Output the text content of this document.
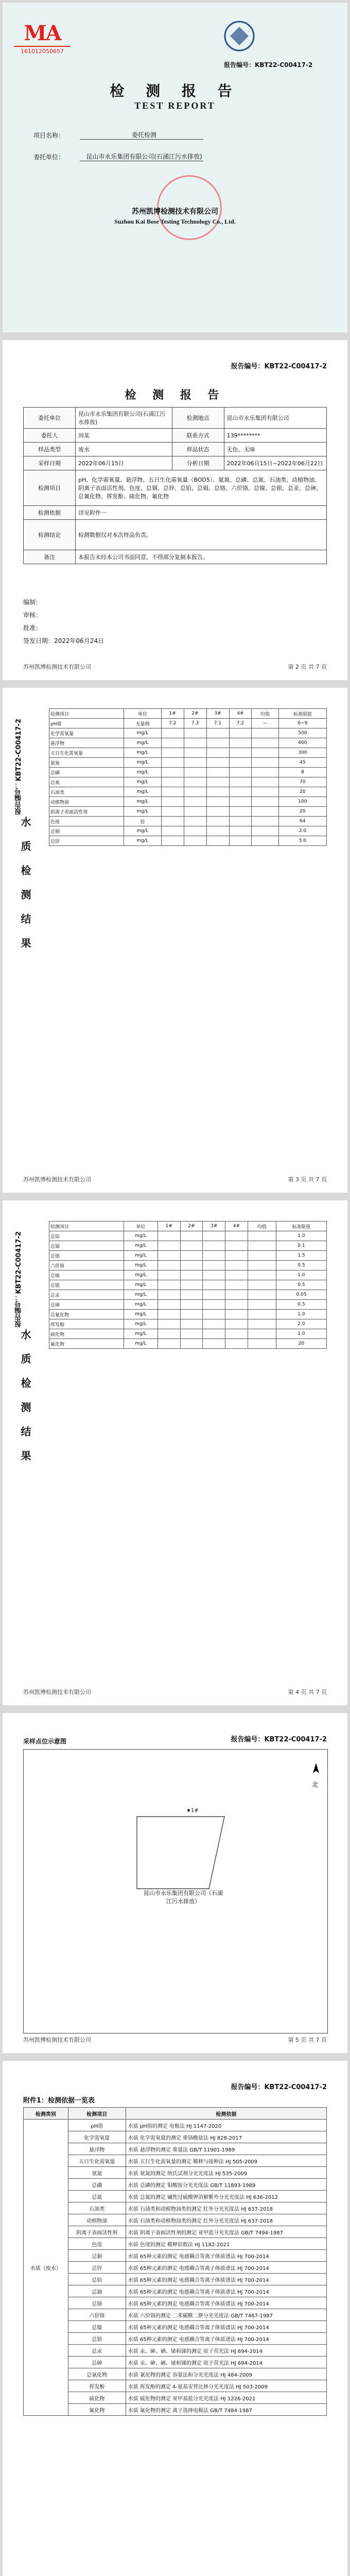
MA
161012050657
报告编号：KBT22-C00417-2
检 测 报 告
TEST REPORT
项目名称：	委托检测
委托单位：	昆山市永乐集团有限公司(石浦江污水排放)
苏州凯博检测技术有限公司
Suzhou Kai Bose Testing Technology Co., Ltd.
报告编号：KBT22-C00417-2
检 测 报 告
委托单位	昆山市永乐集团有限公司(石浦江污水排放)	检测地点	昆山市永乐集团有限公司
委托人	周某	联系方式	139********
样品类型	废水	样品状态	无色、无味
采样日期	2022年06月15日	分析日期	2022年06月15日~2022年06月22日
检测项目	pH、化学需氧量、悬浮物、五日生化需氧量（BOD5）、氨氮、总磷、总氮、石油类、动植物油、阴离子表面活性剂、色度、总铜、总锌、总铅、总镉、总铬、六价铬、总镍、总银、总汞、总砷、总氰化物、挥发酚、硫化物、氟化物		
检测依据	详见附件一		
检测结论	检测数据仅对本次样品负责。		
备注	本报告未经本公司书面同意，不得部分复制本报告。		
编制：
审核：
批准：
签发日期：2022年06月24日
苏州凯博检测技术有限公司	第 2 页 共 7 页
报告编号：KBT22-C00417-2
水 质 检 测 结 果
检测项目	单位	1#	2#	3#	4#	均值	标准限值
pH值	无量纲	7.2	7.3	7.1	7.2	—	6~9
化学需氧量	mg/L						500
悬浮物	mg/L						400
五日生化需氧量	mg/L						300
氨氮	mg/L						45
总磷	mg/L						8
总氮	mg/L						70
石油类	mg/L						20
动植物油	mg/L						100
阴离子表面活性剂	mg/L						20
色度	倍						64
总铜	mg/L						2.0
总锌	mg/L						5.0
苏州凯博检测技术有限公司	第 3 页 共 7 页
报告编号：KBT22-C00417-2
水 质 检 测 结 果
检测项目	单位	1#	2#	3#	4#	均值	标准限值
总铅	mg/L						1.0
总镉	mg/L						0.1
总铬	mg/L						1.5
六价铬	mg/L						0.5
总镍	mg/L						1.0
总银	mg/L						0.5
总汞	mg/L						0.05
总砷	mg/L						0.5
总氰化物	mg/L						1.0
挥发酚	mg/L						2.0
硫化物	mg/L						1.0
氟化物	mg/L						20
苏州凯博检测技术有限公司	第 4 页 共 7 页
报告编号：KBT22-C00417-2
采样点位示意图
北
★1#
昆山市永乐集团有限公司（石浦江污水排放）
苏州凯博检测技术有限公司	第 5 页 共 7 页
报告编号：KBT22-C00417-2
附件1：检测依据一览表
检测类别	检测项目	检测依据
水质（废水）	pH值	水质 pH值的测定 电极法 HJ 1147-2020
	化学需氧量	水质 化学需氧量的测定 重铬酸盐法 HJ 828-2017
	悬浮物	水质 悬浮物的测定 重量法 GB/T 11901-1989
	五日生化需氧量	水质 五日生化需氧量的测定 稀释与接种法 HJ 505-2009
	氨氮	水质 氨氮的测定 纳氏试剂分光光度法 HJ 535-2009
	总磷	水质 总磷的测定 钼酸铵分光光度法 GB/T 11893-1989
	总氮	水质 总氮的测定 碱性过硫酸钾消解紫外分光光度法 HJ 636-2012
	石油类	水质 石油类和动植物油类的测定 红外分光光度法 HJ 637-2018
	动植物油	水质 石油类和动植物油类的测定 红外分光光度法 HJ 637-2018
	阴离子表面活性剂	水质 阴离子表面活性剂的测定 亚甲蓝分光光度法 GB/T 7494-1987
	色度	水质 色度的测定 稀释倍数法 HJ 1182-2021
	总铜	水质 65种元素的测定 电感耦合等离子体质谱法 HJ 700-2014
	总锌	水质 65种元素的测定 电感耦合等离子体质谱法 HJ 700-2014
	总铅	水质 65种元素的测定 电感耦合等离子体质谱法 HJ 700-2014
	总镉	水质 65种元素的测定 电感耦合等离子体质谱法 HJ 700-2014
	总铬	水质 65种元素的测定 电感耦合等离子体质谱法 HJ 700-2014
	六价铬	水质 六价铬的测定 二苯碳酰二肼分光光度法 GB/T 7467-1987
	总镍	水质 65种元素的测定 电感耦合等离子体质谱法 HJ 700-2014
	总银	水质 65种元素的测定 电感耦合等离子体质谱法 HJ 700-2014
	总汞	水质 汞、砷、硒、铋和锑的测定 原子荧光法 HJ 694-2014
	总砷	水质 汞、砷、硒、铋和锑的测定 原子荧光法 HJ 694-2014
	总氰化物	水质 氰化物的测定 容量法和分光光度法 HJ 484-2009
	挥发酚	水质 挥发酚的测定 4-氨基安替比林分光光度法 HJ 503-2009
	硫化物	水质 硫化物的测定 亚甲基蓝分光光度法 HJ 1226-2021
	氟化物	水质 氟化物的测定 离子选择电极法 GB/T 7484-1987
